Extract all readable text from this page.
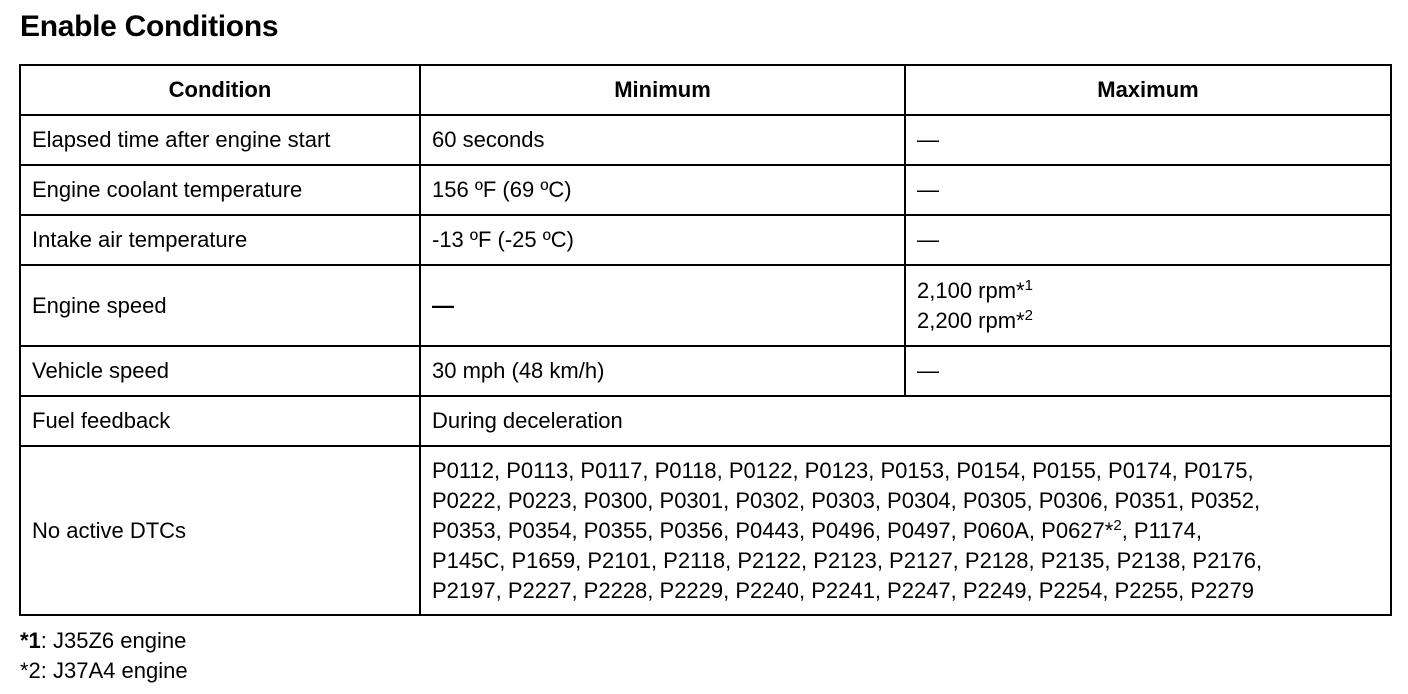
Enable Conditions
Condition	Minimum	Maximum
Elapsed time after engine start	60 seconds	—
Engine coolant temperature	156 ºF (69 ºC)	—
Intake air temperature	-13 ºF (-25 ºC)	—
Engine speed	—	2,100 rpm*$^1$
2,200 rpm*$^2$

Vehicle speed	30 mph (48 km/h)	—
Fuel feedback	During deceleration	
No active DTCs	P0112, P0113, P0117, P0118, P0122, P0123, P0153, P0154, P0155, P0174, P0175,
P0222, P0223, P0300, P0301, P0302, P0303, P0304, P0305, P0306, P0351, P0352,
P0353, P0354, P0355, P0356, P0443, P0496, P0497, P060A, P0627*$^2$, P1174,
P145C, P1659, P2101, P2118, P2122, P2123, P2127, P2128, P2135, P2138, P2176,
P2197, P2227, P2228, P2229, P2240, P2241, P2247, P2249, P2254, P2255, P2279	
*1: J35Z6 engine
*2: J37A4 engine
